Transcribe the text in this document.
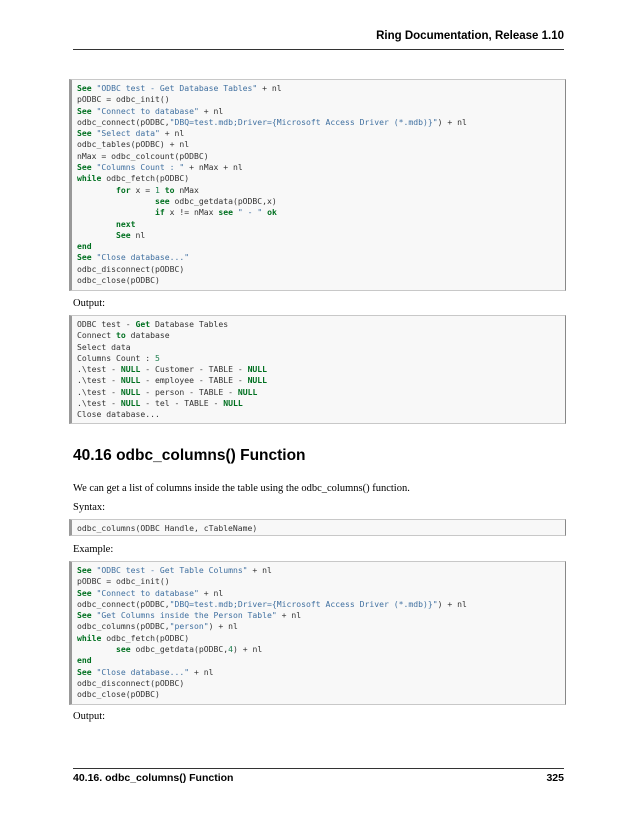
Ring Documentation, Release 1.10
See "ODBC test - Get Database Tables" + nl
pODBC = odbc_init()
See "Connect to database" + nl
odbc_connect(pODBC,"DBQ=test.mdb;Driver={Microsoft Access Driver (*.mdb)}") + nl
See "Select data" + nl
odbc_tables(pODBC) + nl
nMax = odbc_colcount(pODBC)
See "Columns Count : " + nMax + nl
while odbc_fetch(pODBC)
for x = 1 to nMax
see odbc_getdata(pODBC,x)
if x != nMax see " - " ok
next
See nl
end
See "Close database..."
odbc_disconnect(pODBC)
odbc_close(pODBC)
Output:
ODBC test - Get Database Tables
Connect to database
Select data
Columns Count : 5
.\test - NULL - Customer - TABLE - NULL
.\test - NULL - employee - TABLE - NULL
.\test - NULL - person - TABLE - NULL
.\test - NULL - tel - TABLE - NULL
Close database...
40.16 odbc_columns() Function
We can get a list of columns inside the table using the odbc_columns() function.
Syntax:
odbc_columns(ODBC Handle, cTableName)
Example:
See "ODBC test - Get Table Columns" + nl
pODBC = odbc_init()
See "Connect to database" + nl
odbc_connect(pODBC,"DBQ=test.mdb;Driver={Microsoft Access Driver (*.mdb)}") + nl
See "Get Columns inside the Person Table" + nl
odbc_columns(pODBC,"person") + nl
while odbc_fetch(pODBC)
see odbc_getdata(pODBC,4) + nl
end
See "Close database..." + nl
odbc_disconnect(pODBC)
odbc_close(pODBC)
Output:
40.16. odbc_columns() Function	325
